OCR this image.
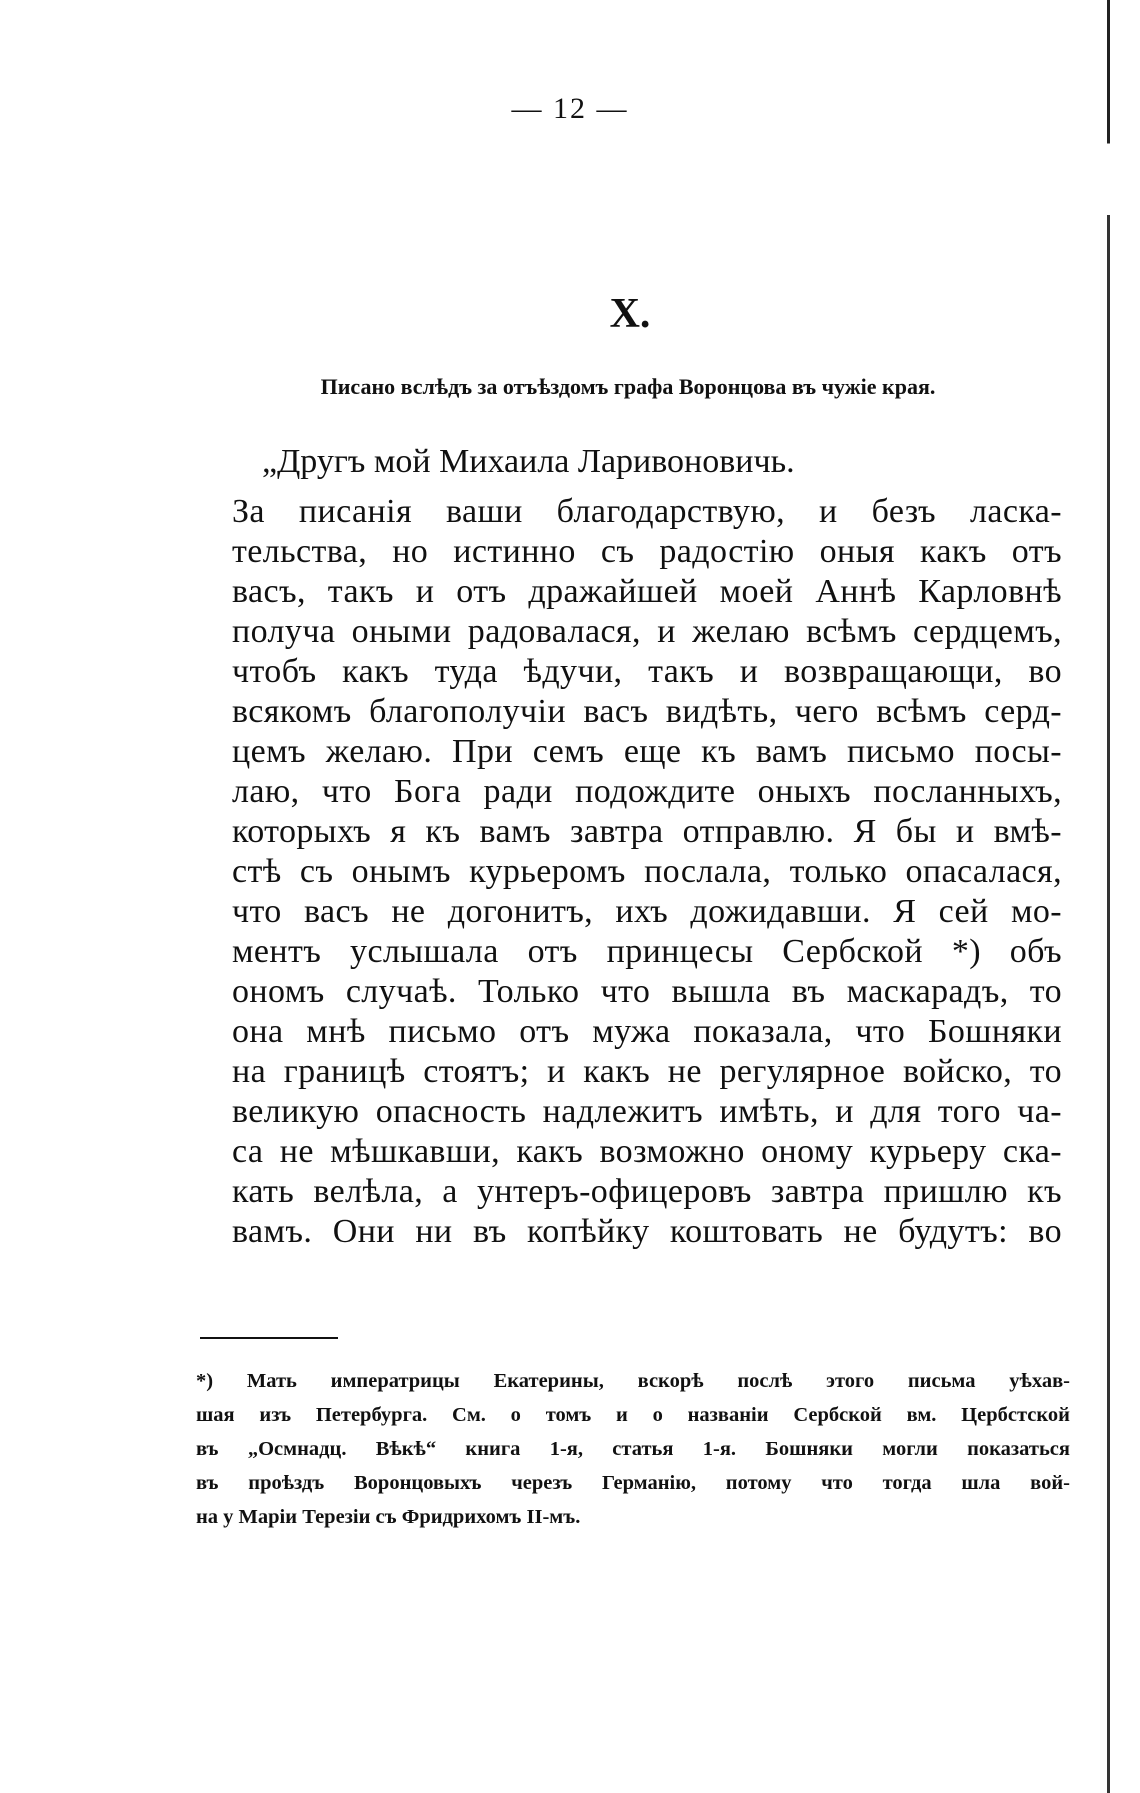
— 12 —
X.
Писано вслѣдъ за отъѣздомъ графа Воронцова въ чужіе края.
„Другъ мой Михаила Ларивоновичь.
За писанія ваши благодарствую, и безъ ласка-
тельства, но истинно съ радостію оныя какъ отъ
васъ, такъ и отъ дражайшей моей Аннѣ Карловнѣ
получа оными радовалася, и желаю всѣмъ сердцемъ,
чтобъ какъ туда ѣдучи, такъ и возвращающи, во
всякомъ благополучіи васъ видѣть, чего всѣмъ серд-
цемъ желаю. При семъ еще къ вамъ письмо посы-
лаю, что Бога ради подождите оныхъ посланныхъ,
которыхъ я къ вамъ завтра отправлю. Я бы и вмѣ-
стѣ съ онымъ курьеромъ послала, только опасалася,
что васъ не догонитъ, ихъ дожидавши. Я сей мо-
ментъ услышала отъ принцесы Сербской *) объ
ономъ случаѣ. Только что вышла въ маскарадъ, то
она мнѣ письмо отъ мужа показала, что Бошняки
на границѣ стоятъ; и какъ не регулярное войско, то
великую опасность надлежитъ имѣть, и для того ча-
са не мѣшкавши, какъ возможно оному курьеру ска-
кать велѣла, а унтеръ-офицеровъ завтра пришлю къ
вамъ. Они ни въ копѣйку коштовать не будутъ: во
*) Мать императрицы Екатерины, вскорѣ послѣ этого письма уѣхав-
шая изъ Петербурга. См. о томъ и о названіи Сербской вм. Цербстской
въ „Осмнадц. Вѣкѣ“ книга 1-я, статья 1-я. Бошняки могли показаться
въ проѣздъ Воронцовыхъ черезъ Германію, потому что тогда шла вой-
на у Маріи Терезіи съ Фридрихомъ II-мъ.
